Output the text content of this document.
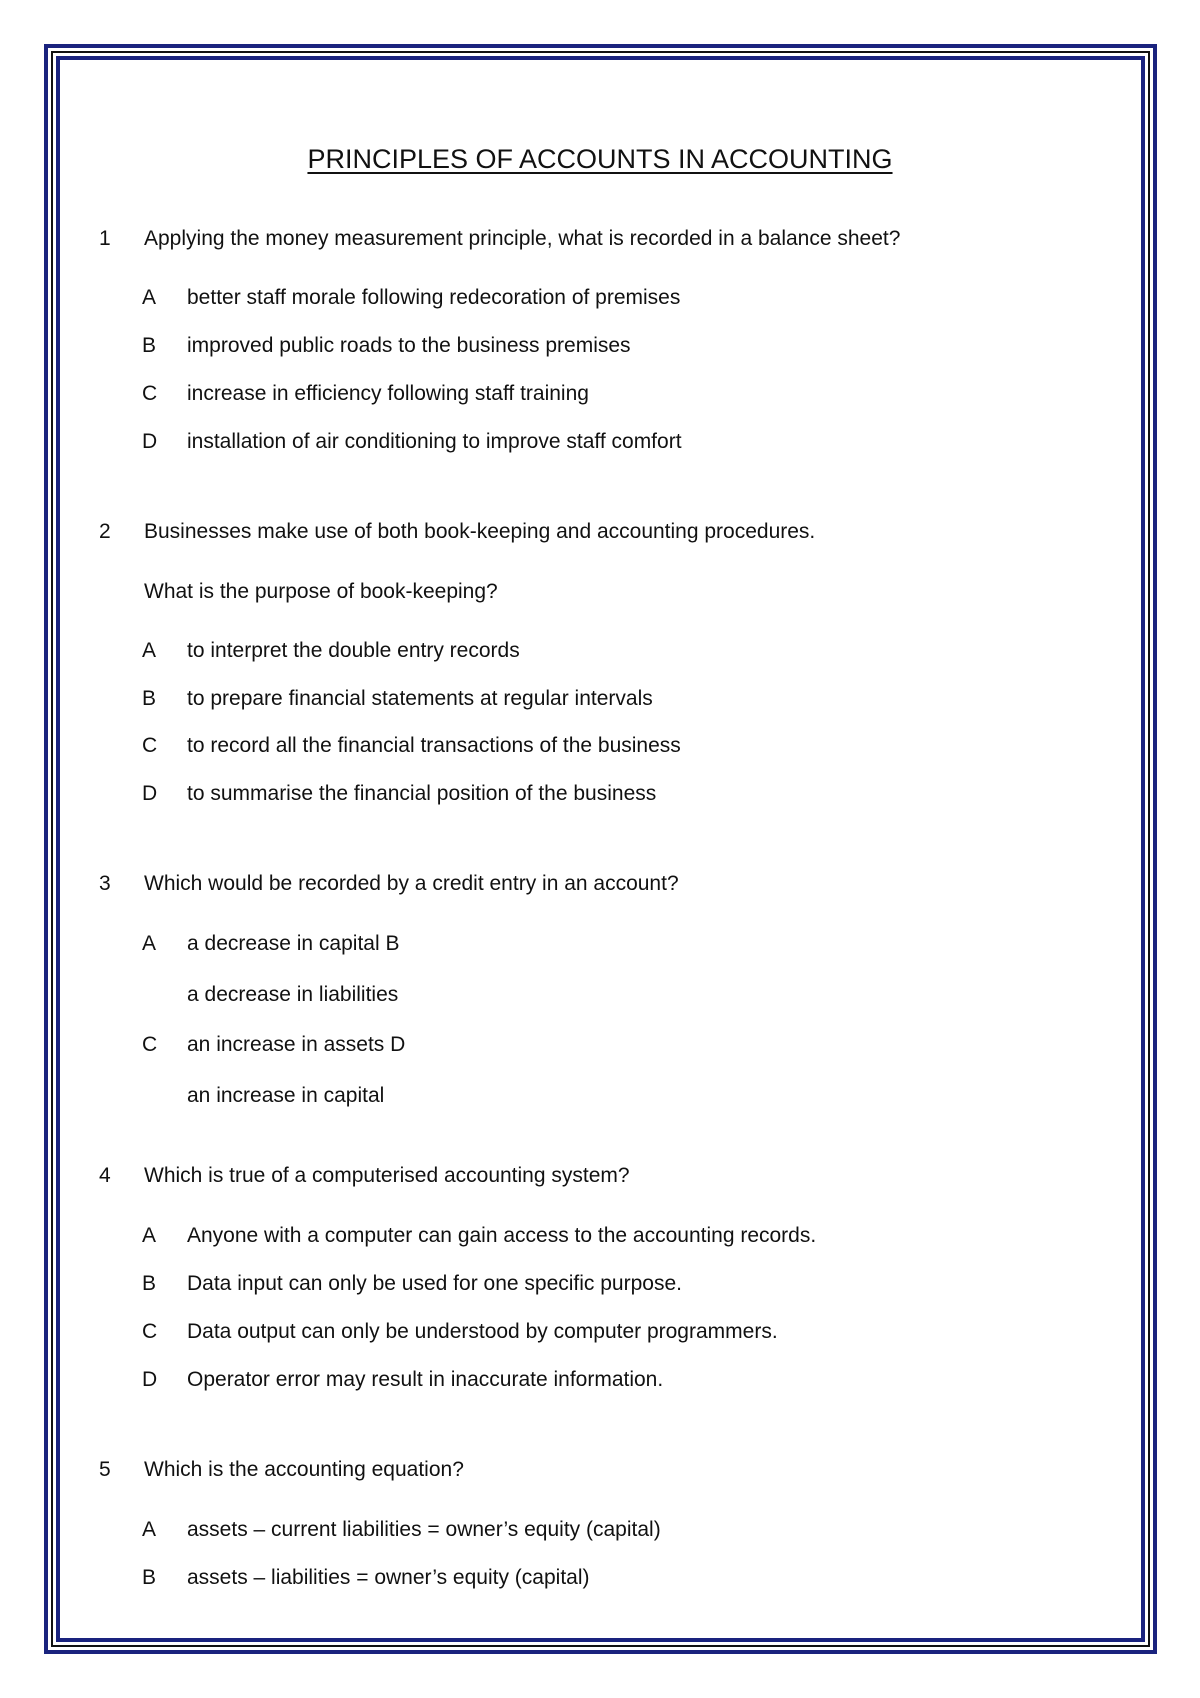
PRINCIPLES OF ACCOUNTS IN ACCOUNTING
1 Applying the money measurement principle, what is recorded in a balance sheet?
A better staff morale following redecoration of premises
B improved public roads to the business premises
C increase in efficiency following staff training
D installation of air conditioning to improve staff comfort
2 Businesses make use of both book-keeping and accounting procedures.
What is the purpose of book-keeping?
A to interpret the double entry records
B to prepare financial statements at regular intervals
C to record all the financial transactions of the business
D to summarise the financial position of the business
3 Which would be recorded by a credit entry in an account?
A a decrease in capital B
a decrease in liabilities
C an increase in assets D
an increase in capital
4 Which is true of a computerised accounting system?
A Anyone with a computer can gain access to the accounting records.
B Data input can only be used for one specific purpose.
C Data output can only be understood by computer programmers.
D Operator error may result in inaccurate information.
5 Which is the accounting equation?
A assets – current liabilities = owner’s equity (capital)
B assets – liabilities = owner’s equity (capital)
